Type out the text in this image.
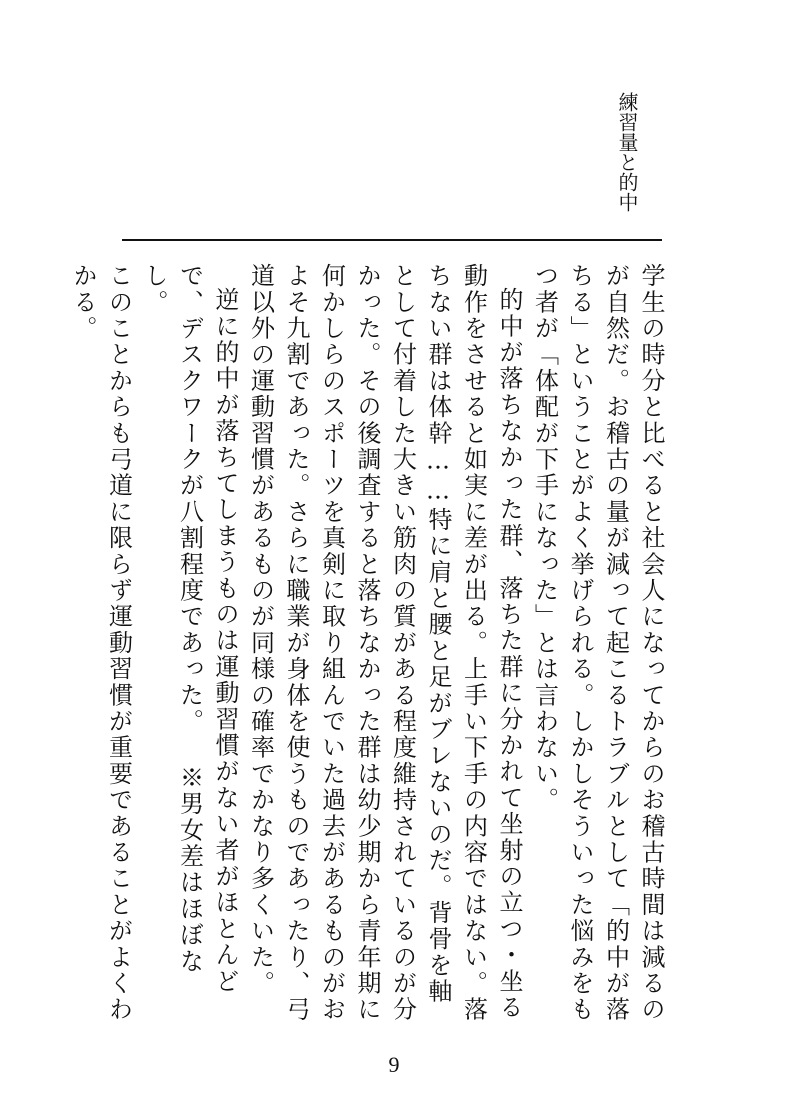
練習量と的中

学生の時分と比べると社会人になってからのお稽古時間は減るのが自然だ。お稽古の量が減って起こるトラブルとして「的中が落ちる」ということがよく挙げられる。しかしそういった悩みをもつ者が「体配が下手になった」とは言わない。

的中が落ちなかった群、落ちた群に分かれて坐射の立つ・坐る動作をさせると如実に差が出る。上手い下手の内容ではない。落ちない群は体幹……特に肩と腰と足がブレないのだ。背骨を軸として付着した大きい筋肉の質がある程度維持されているのが分かった。その後調査すると落ちなかった群は幼少期から青年期に何かしらのスポーツを真剣に取り組んでいた過去があるものがおよそ九割であった。さらに職業が身体を使うものであったり、弓道以外の運動習慣があるものが同様の確率でかなり多くいた。

逆に的中が落ちてしまうものは運動習慣がない者がほとんどで、デスクワークが八割程度であった。 ※男女差はほぼなし。

このことからも弓道に限らず運動習慣が重要であることがよくわかる。

9
